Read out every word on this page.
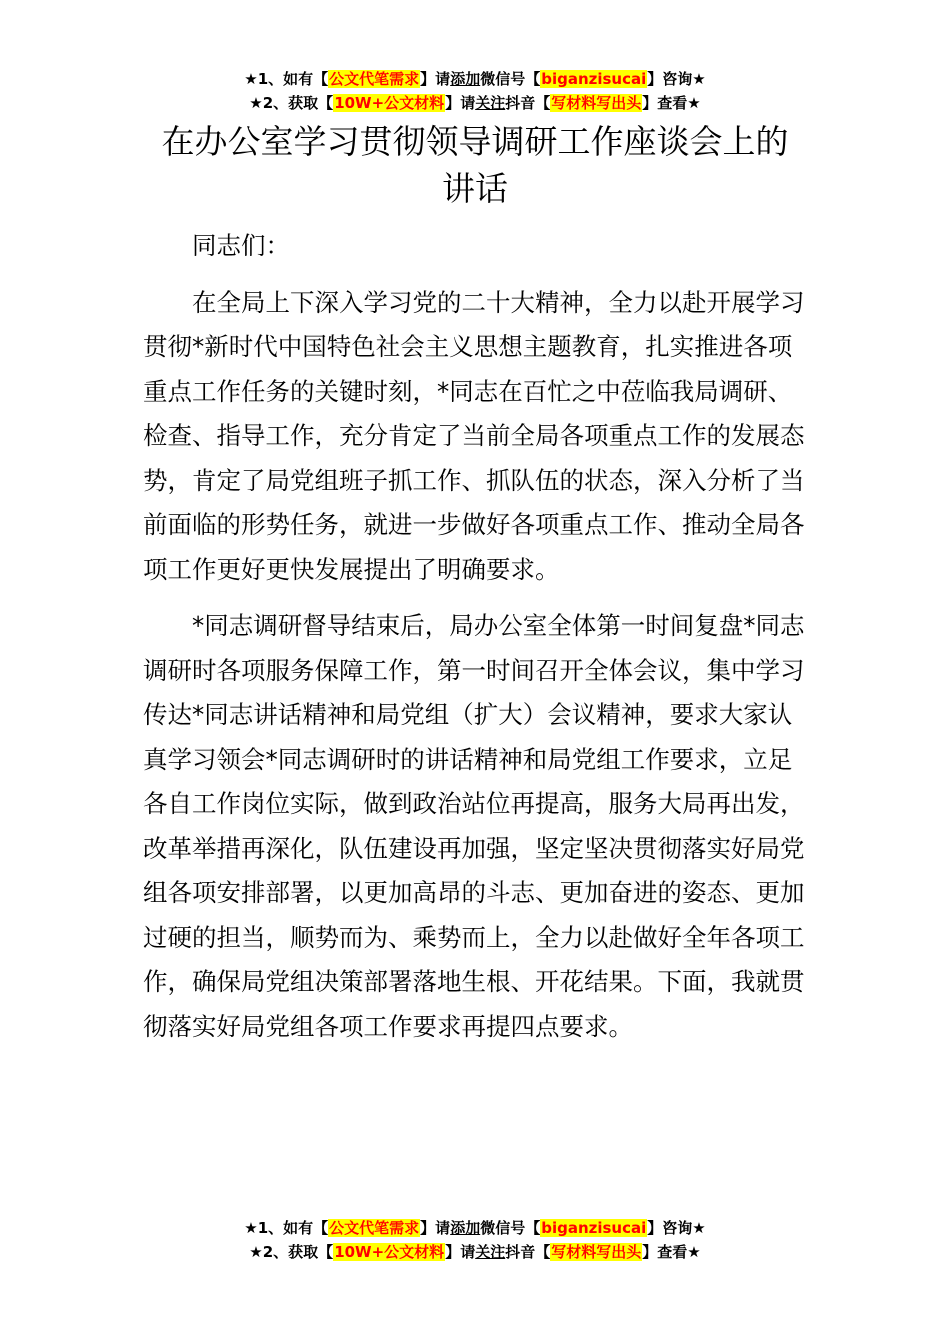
★1、如有【公文代笔需求】请添加微信号【biganzisucai】咨询★
★2、获取【10W+公文材料】请关注抖音【写材料写出头】查看★
在办公室学习贯彻领导调研工作座谈会上的
讲话

同志们：

在全局上下深入学习党的二十大精神，全力以赴开展学习贯彻*新时代中国特色社会主义思想主题教育，扎实推进各项重点工作任务的关键时刻，*同志在百忙之中莅临我局调研、检查、指导工作，充分肯定了当前全局各项重点工作的发展态势，肯定了局党组班子抓工作、抓队伍的状态，深入分析了当前面临的形势任务，就进一步做好各项重点工作、推动全局各项工作更好更快发展提出了明确要求。

*同志调研督导结束后，局办公室全体第一时间复盘*同志调研时各项服务保障工作，第一时间召开全体会议，集中学习传达*同志讲话精神和局党组（扩大）会议精神，要求大家认真学习领会*同志调研时的讲话精神和局党组工作要求，立足各自工作岗位实际，做到政治站位再提高，服务大局再出发，改革举措再深化，队伍建设再加强，坚定坚决贯彻落实好局党组各项安排部署，以更加高昂的斗志、更加奋进的姿态、更加过硬的担当，顺势而为、乘势而上，全力以赴做好全年各项工作，确保局党组决策部署落地生根、开花结果。下面，我就贯彻落实好局党组各项工作要求再提四点要求。

★1、如有【公文代笔需求】请添加微信号【biganzisucai】咨询★
★2、获取【10W+公文材料】请关注抖音【写材料写出头】查看★
